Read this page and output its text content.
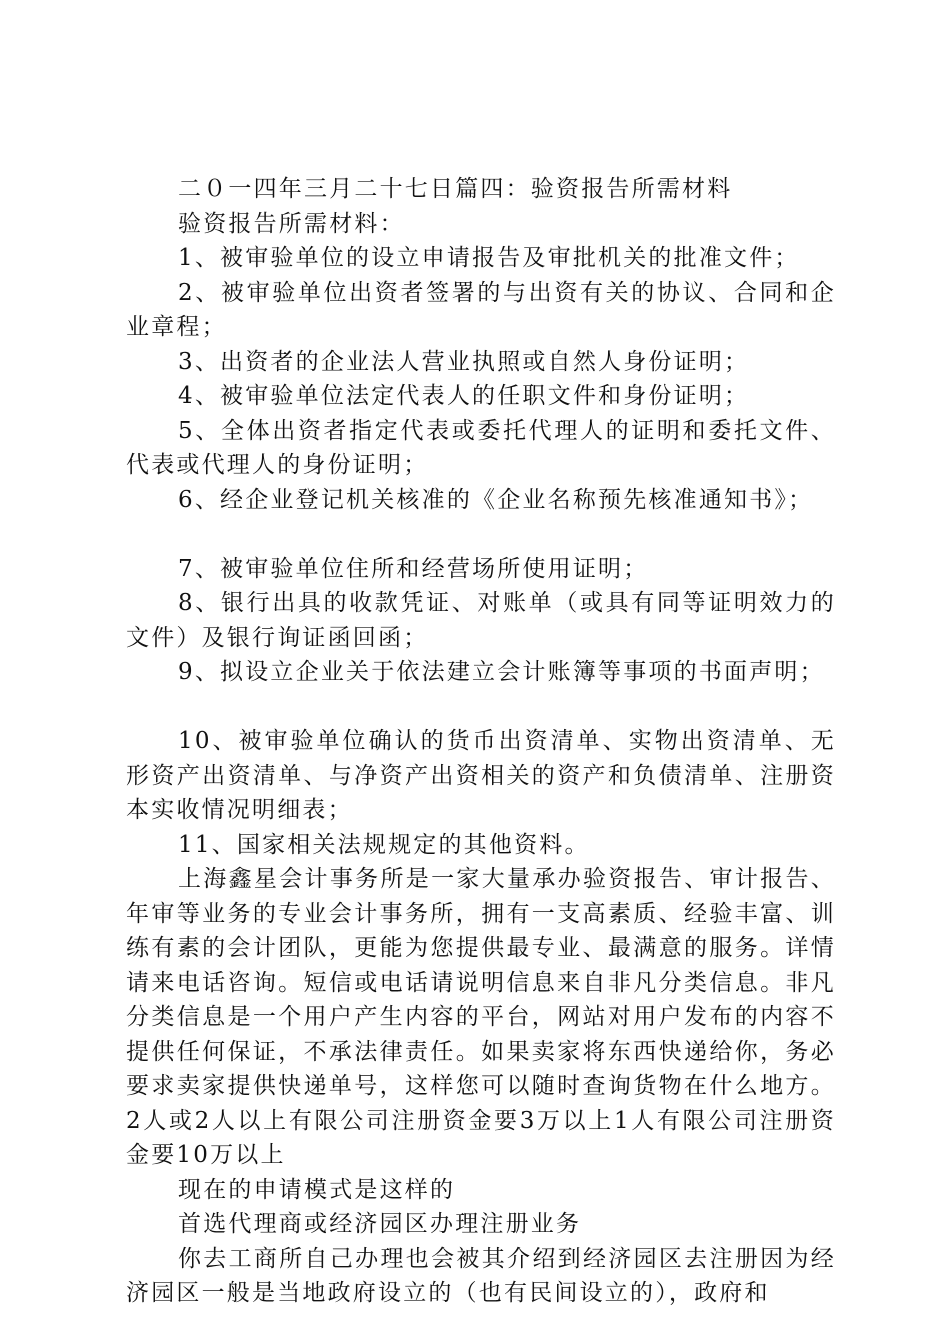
二０一四年三月二十七日篇四：验资报告所需材料

验资报告所需材料：

1、被审验单位的设立申请报告及审批机关的批准文件；

2、被审验单位出资者签署的与出资有关的协议、合同和企业章程；

3、出资者的企业法人营业执照或自然人身份证明；

4、被审验单位法定代表人的任职文件和身份证明；

5、全体出资者指定代表或委托代理人的证明和委托文件、代表或代理人的身份证明；

6、经企业登记机关核准的《企业名称预先核准通知书》；

7、被审验单位住所和经营场所使用证明；

8、银行出具的收款凭证、对账单（或具有同等证明效力的文件）及银行询证函回函；

9、拟设立企业关于依法建立会计账簿等事项的书面声明；

10、被审验单位确认的货币出资清单、实物出资清单、无形资产出资清单、与净资产出资相关的资产和负债清单、注册资本实收情况明细表；

11、国家相关法规规定的其他资料。

上海鑫星会计事务所是一家大量承办验资报告、审计报告、年审等业务的专业会计事务所，拥有一支高素质、经验丰富、训练有素的会计团队，更能为您提供最专业、最满意的服务。详情请来电话咨询。短信或电话请说明信息来自非凡分类信息。非凡分类信息是一个用户产生内容的平台，网站对用户发布的内容不提供任何保证，不承法律责任。如果卖家将东西快递给你，务必要求卖家提供快递单号，这样您可以随时查询货物在什么地方。2人或2人以上有限公司注册资金要3万以上1人有限公司注册资金要10万以上

现在的申请模式是这样的

首选代理商或经济园区办理注册业务

你去工商所自己办理也会被其介绍到经济园区去注册因为经济园区一般是当地政府设立的（也有民间设立的），政府和
